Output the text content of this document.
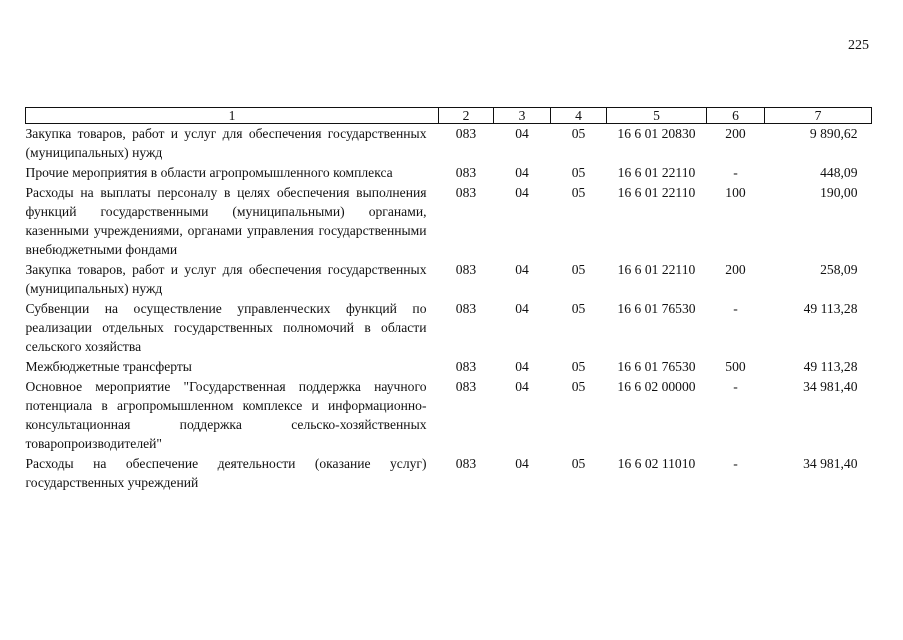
225
1	2	3	4	5	6	7
Закупка товаров, работ и услуг для обеспечения государственных (муниципальных) нужд	083	04	05	16 6 01 20830	200	9 890,62
Прочие мероприятия в области агропромышленного комплекса	083	04	05	16 6 01 22110	-	448,09
Расходы на выплаты персоналу в целях обеспечения выполнения функций государственными (муниципальными) органами, казенными учреждениями, органами управления государственными внебюджетными фондами	083	04	05	16 6 01 22110	100	190,00
Закупка товаров, работ и услуг для обеспечения государственных (муниципальных) нужд	083	04	05	16 6 01 22110	200	258,09
Субвенции на осуществление управленческих функций по реализации отдельных государственных полномочий в области сельского хозяйства	083	04	05	16 6 01 76530	-	49 113,28
Межбюджетные трансферты	083	04	05	16 6 01 76530	500	49 113,28
Основное мероприятие "Государственная поддержка научного потенциала в агропромышленном комплексе и информационно-консультационная поддержка сельско-хозяйственных товаропроизводителей"	083	04	05	16 6 02 00000	-	34 981,40
Расходы на обеспечение деятельности (оказание услуг) государственных учреждений	083	04	05	16 6 02 11010	-	34 981,40
